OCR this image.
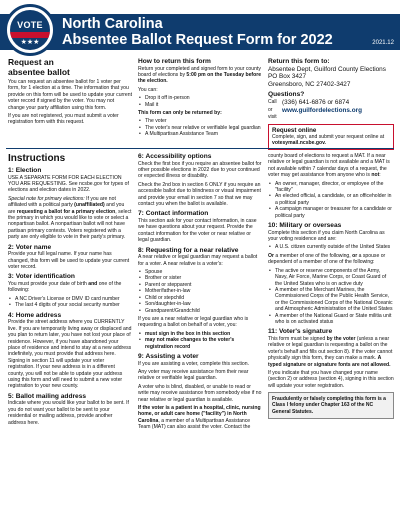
VOTE
★★★
North Carolina
Absentee Ballot Request Form for 2022	2021.12
Request an
absentee ballot

You can request an absentee ballot for 1 voter per form, for 1 election at a time. The information that you provide on this form will be used to update your current voter record if signed by the voter. You may not change your party affiliation using this form.

If you are not registered, you must submit a voter registration form with this request.

How to return this form

Return your completed and signed form to your county board of elections by 5:00 pm on the Tuesday before the election.

You can:

• Drop it off in-person
• Mail it

This form can only be returned by:

• The voter
• The voter's near relative or verifiable legal guardian
• A Multipartisan Assistance Team
Return this form to:
Absentee Dept, Guilford County Elections
PO Box 3427
Greensboro, NC 27402-3427
Questions?
Call (336) 641-6876 or 6874
or visit
www.guilfordelections.org
Request online
Complete, sign, and submit your request online at votesymail.ncsbe.gov.
Instructions
1: Election

USE A SEPARATE FORM FOR EACH ELECTION YOU ARE REQUESTING. See ncsbe.gov for types of elections and election dates in 2022.

Special note for primary elections: If you are not affiliated with a political party (unaffiliated) and you are requesting a ballot for a primary election, select the primary in which you would like to vote or select a nonpartisan ballot. A nonpartisan ballot will not have partisan primary contests. Voters registered with a party are only eligible to vote in their party's primary.

2: Voter name

Provide your full legal name. If your name has changed, this form will be used to update your current voter record.

3: Voter identification

You must provide your date of birth and one of the following:

• A NC Driver's License or DMV ID card number
• The last 4 digits of your social security number
4: Home address

Provide the street address where you CURRENTLY live. If you are temporarily living away or displaced and you plan to return later, you have not lost your place of residence. However, if you have abandoned your place of residence and intend to stay at a new address indefinitely, you must provide that address here. Signing in section 11 will update your voter registration. If your new address is in a different county, you will not be able to update your address using this form and will need to submit a new voter registration to your new county.

5: Ballot mailing address

Indicate where you would like your ballot to be sent. If you do not want your ballot to be sent to your residential or mailing address, provide another address here.

6: Accessibility options

Check the first box if you require an absentee ballot for other possible elections in 2022 due to your continued or expected illness or disability.

Check the 2nd box in section 6 ONLY if you require an accessible ballot due to blindness or visual impairment and provide your email in section 7 so that we may contact you when the ballot is available.

7: Contact information

This section ask for your contact information, in case we have questions about your request. Provide the contact information for the voter or near relative or legal guardian.

8: Requesting for a near relative

A near relative or legal guardian may request a ballot for a voter. A near relative is a voter's:

• Spouse
• Brother or sister
• Parent or stepparent
• Mother/father-in-law
• Child or stepchild
• Son/daughter-in-law
• Grandparent/Grandchild

If you are a near relative or legal guardian who is requesting a ballot on behalf of a voter, you:

• must sign in the box in this section
• may not make changes to the voter's registration record
9: Assisting a voter

If you are assisting a voter, complete this section.

Any voter may receive assistance from their near relative or verifiable legal guardian.

A voter who is blind, disabled, or unable to read or write may receive assistance from somebody else if no near relative or legal guardian is available.

If the voter is a patient in a hospital, clinic, nursing home, or adult care home ("facility") in North Carolina, a member of a Multipartisan Assistance Team (MAT) can also assist the voter. Contact the

county board of elections to request a MAT. If a near relative or legal guardian is not available and a MAT is not available within 7 calendar days of a request, the voter may get assistance from anyone who is not:

• An owner, manager, director, or employee of the "facility"
• An elected official, a candidate, or an officeholder in a political party
• A campaign manager or treasurer for a candidate or political party
10: Military or overseas

Complete this section if you claim North Carolina as your voting residence and are:

• A U.S. citizen currently outside of the United States

Or a member of one of the following, or a spouse or dependent of a member of one of the following:

• The active or reserve components of the Army, Navy, Air Force, Marine Corps, or Coast Guard of the United States who is on active duty
• A member of the Merchant Marines, the Commissioned Corps of the Public Health Service, or the Commissioned Corps of the National Oceanic and Atmospheric Administration of the United States
• A member of the National Guard or State militia unit who is on activated status
11: Voter's signature

This form must be signed by the voter (unless a near relative or legal guardian is requesting a ballot on the voter's behalf and fills out section 8). If the voter cannot physically sign this form, they can make a mark. A typed signature or signature fonts are not allowed.

If you indicate that you have changed your name (section 2) or address (section 4), signing in this section will update your voter registration.

Fraudulently or falsely completing this form is a Class I felony under Chapter 163 of the NC General Statutes.
